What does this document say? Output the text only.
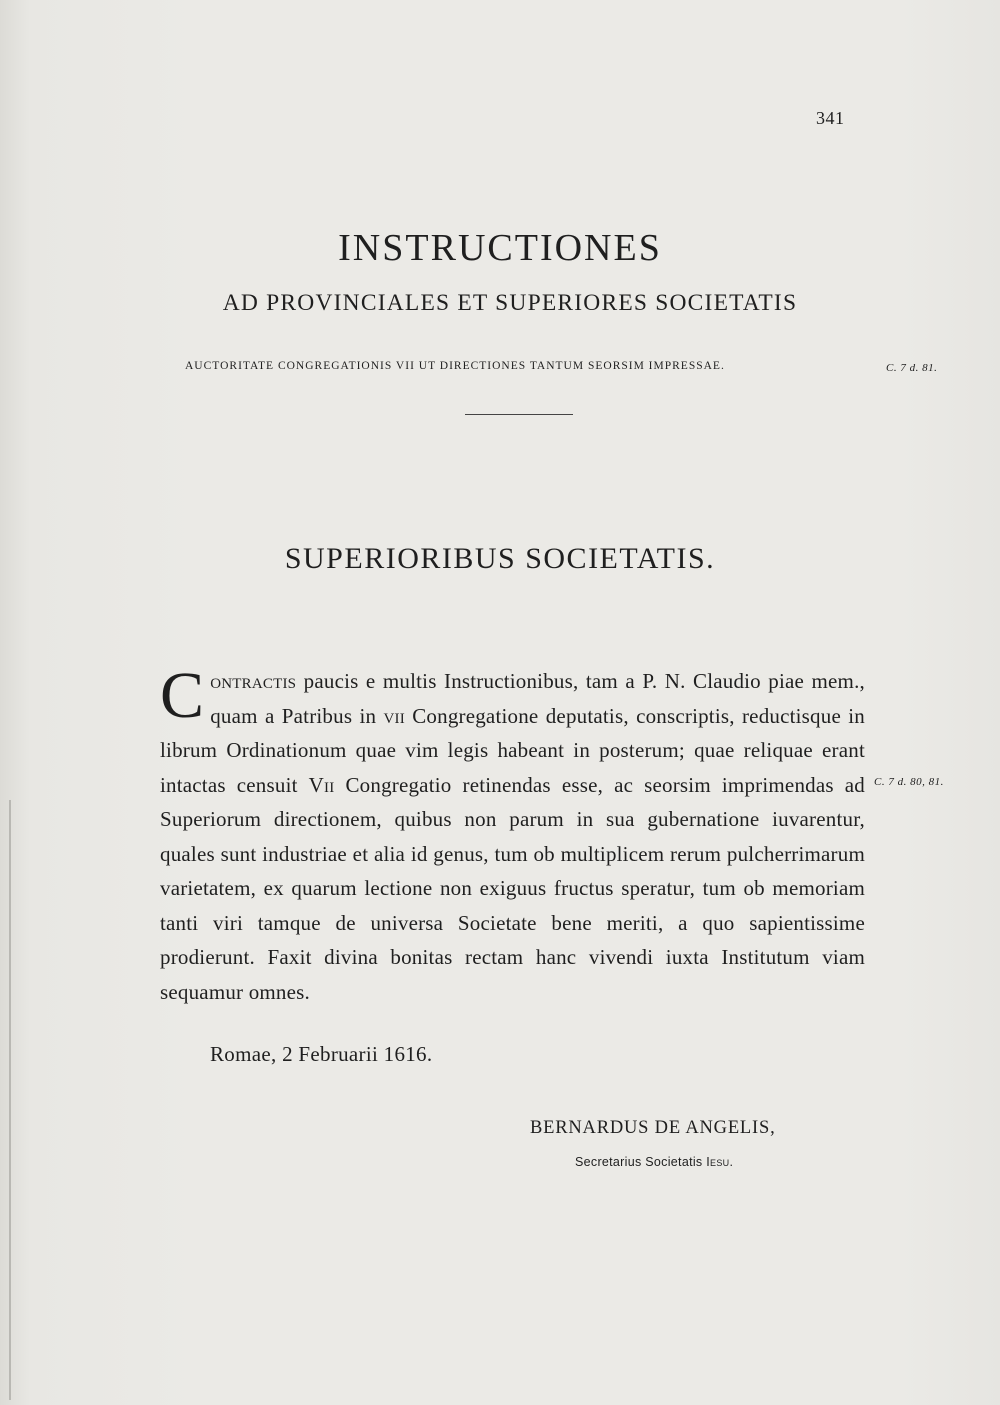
341
INSTRUCTIONES
AD PROVINCIALES ET SUPERIORES SOCIETATIS
AUCTORITATE CONGREGATIONIS VII UT DIRECTIONES TANTUM SEORSIM IMPRESSAE.	C. 7 d. 81.
SUPERIORIBUS SOCIETATIS.
Contractis paucis e multis Instructionibus, tam a P. N. Claudio piae mem., quam a Patribus in vii Congregatione deputatis, conscriptis, reductisque in librum Ordinationum quae vim legis habeant in posterum; quae reliquae erant intactas censuit Vii Congregatio retinendas esse, ac seorsim imprimendas ad Superiorum directionem, quibus non parum in sua gubernatione iuvarentur, quales sunt industriae et alia id genus, tum ob multiplicem rerum pulcherrimarum varietatem, ex quarum lectione non exiguus fructus speratur, tum ob memoriam tanti viri tamque de universa Societate bene meriti, a quo sapientissime prodierunt. Faxit divina bonitas rectam hanc vivendi iuxta Institutum viam sequamur omnes.
C. 7 d. 80, 81.
Romae, 2 Februarii 1616.
BERNARDUS DE ANGELIS,
Secretarius Societatis Iesu.
